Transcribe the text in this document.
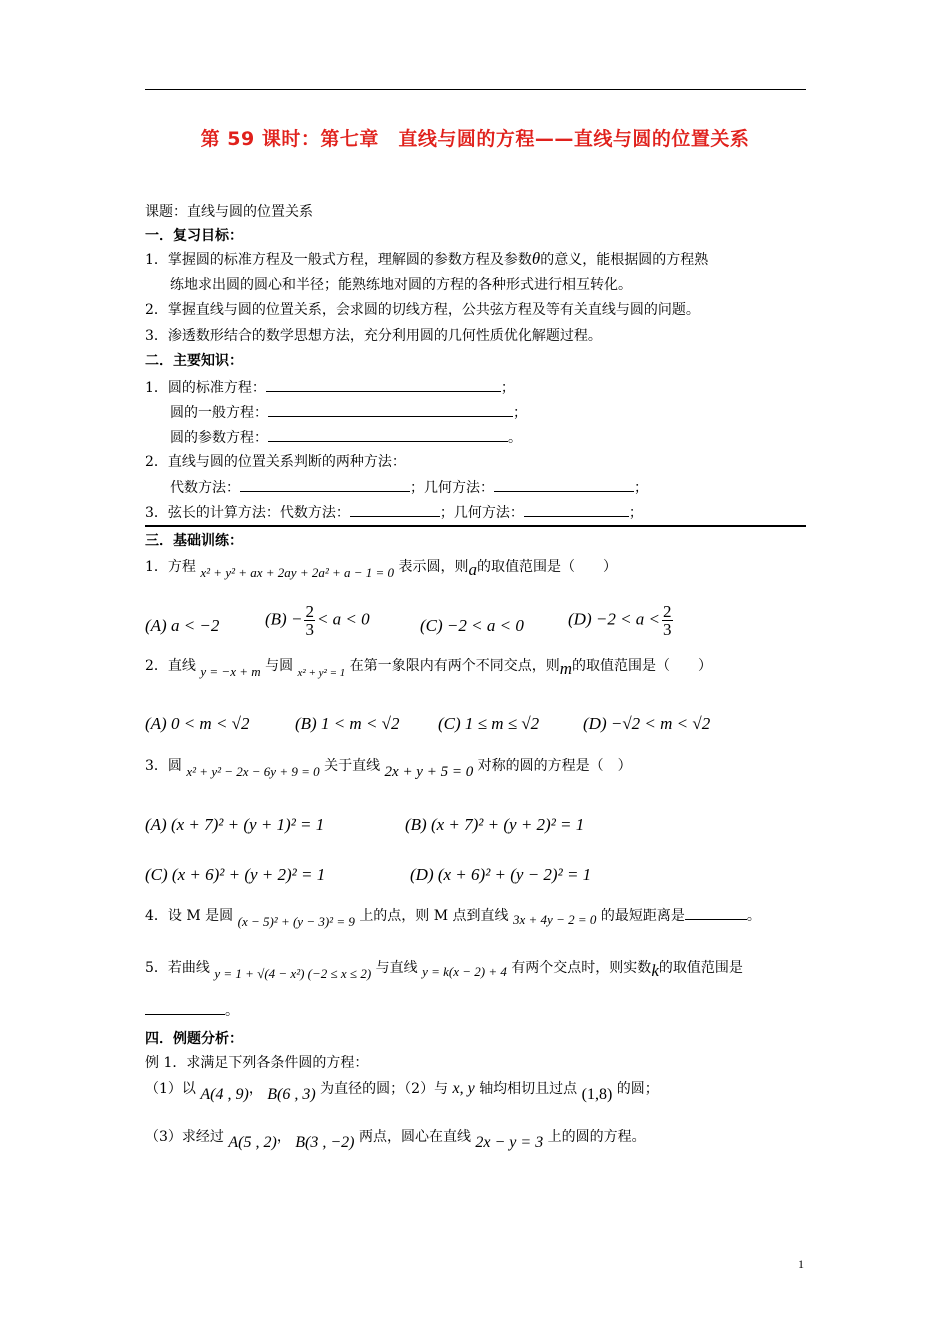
第 59 课时：第七章　直线与圆的方程——直线与圆的位置关系
课题：直线与圆的位置关系
一．复习目标：
1．掌握圆的标准方程及一般式方程，理解圆的参数方程及参数θ的意义，能根据圆的方程熟
练地求出圆的圆心和半径；能熟练地对圆的方程的各种形式进行相互转化。
2．掌握直线与圆的位置关系，会求圆的切线方程，公共弦方程及等有关直线与圆的问题。
3．渗透数形结合的数学思想方法，充分利用圆的几何性质优化解题过程。
二．主要知识：
1．圆的标准方程：	；
圆的一般方程：	；
圆的参数方程：	。
2．直线与圆的位置关系判断的两种方法：
代数方法：	；几何方法：	；
3．弦长的计算方法：代数方法：	；几何方法：	；
三．基础训练：
1．方程 x² + y² + ax + 2ay + 2a² + a − 1 = 0 表示圆，则a的取值范围是（　　）
(A) a < −2	$(B) - \frac{2}{3} < a < 0$	(C) −2 < a < 0	$(D) -2 < a < \frac{2}{3}$
2．直线 y = −x + m 与圆 $_{x^2 + y^2 = 1}$ 在第一象限内有两个不同交点，则m的取值范围是（　　）
(A) 0 < m < √2	(B) 1 < m < √2 (C) 1 ≤ m ≤ √2	(D) −√2 < m < √2
3．圆 x² + y² − 2x − 6y + 9 = 0 关于直线 2x + y + 5 = 0 对称的圆的方程是（　）
(A) (x + 7)² + (y + 1)² = 1	(B) (x + 7)² + (y + 2)² = 1
(C) (x + 6)² + (y + 2)² = 1	(D) (x + 6)² + (y − 2)² = 1
4．设 M 是圆 (x − 5)² + (y − 3)² = 9 上的点，则 M 点到直线 3x + 4y − 2 = 0 的最短距离是	。
5．若曲线 y = 1 + √(4 − x²) (−2 ≤ x ≤ 2) 与直线 y = k(x − 2) + 4 有两个交点时，则实数k的取值范围是
。
四．例题分析：
例 1．求满足下列各条件圆的方程：
（1）以 A(4 , 9)， B(6 , 3) 为直径的圆；（2）与 x, y 轴均相切且过点 (1,8) 的圆；
（3）求经过 A(5 , 2)， B(3 , −2) 两点，圆心在直线 2x − y = 3 上的圆的方程。
1
